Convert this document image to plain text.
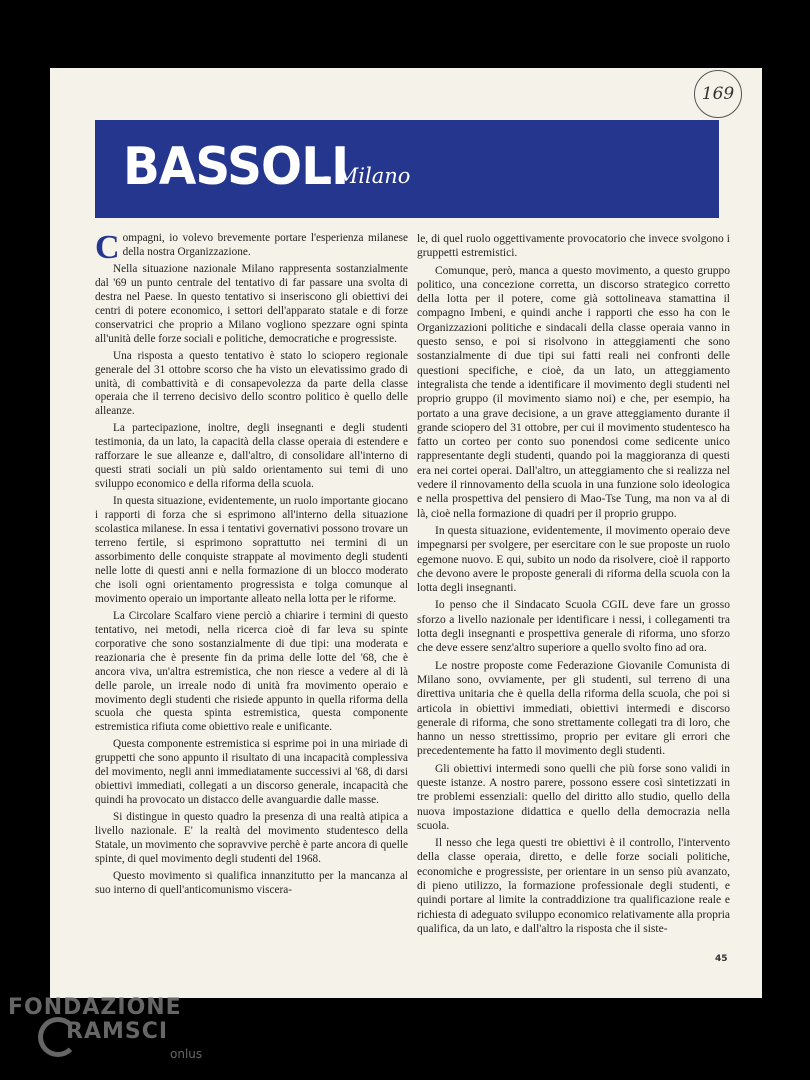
169
BASSOLI
- Milano

Compagni, io volevo brevemente portare l'esperienza milanese della nostra Organizzazione.

Nella situazione nazionale Milano rappresenta sostanzialmente dal '69 un punto centrale del tentativo di far passare una svolta di destra nel Paese. In questo tentativo si inseriscono gli obiettivi dei centri di potere economico, i settori dell'apparato statale e di forze conservatrici che proprio a Milano vogliono spezzare ogni spinta all'unità delle forze sociali e politiche, democratiche e progressiste.

Una risposta a questo tentativo è stato lo sciopero regionale generale del 31 ottobre scorso che ha visto un elevatissimo grado di unità, di combattività e di consapevolezza da parte della classe operaia che il terreno decisivo dello scontro politico è quello delle alleanze.

La partecipazione, inoltre, degli insegnanti e degli studenti testimonia, da un lato, la capacità della classe operaia di estendere e rafforzare le sue alleanze e, dall'altro, di consolidare all'interno di questi strati sociali un più saldo orientamento sui temi di uno sviluppo economico e della riforma della scuola.

In questa situazione, evidentemente, un ruolo importante giocano i rapporti di forza che si esprimono all'interno della situazione scolastica milanese. In essa i tentativi governativi possono trovare un terreno fertile, si esprimono soprattutto nei termini di un assorbimento delle conquiste strappate al movimento degli studenti nelle lotte di questi anni e nella formazione di un blocco moderato che isoli ogni orientamento progressista e tolga comunque al movimento operaio un importante alleato nella lotta per le riforme.

La Circolare Scalfaro viene perciò a chiarire i termini di questo tentativo, nei metodi, nella ricerca cioè di far leva su spinte corporative che sono sostanzialmente di due tipi: una moderata e reazionaria che è presente fin da prima delle lotte del '68, che è ancora viva, un'altra estremistica, che non riesce a vedere al di là delle parole, un irreale nodo di unità fra movimento operaio e movimento degli studenti che risiede appunto in quella riforma della scuola che questa spinta estremistica, questa componente estremistica rifiuta come obiettivo reale e unificante.

Questa componente estremistica si esprime poi in una miriade di gruppetti che sono appunto il risultato di una incapacità complessiva del movimento, negli anni immediatamente successivi al '68, di darsi obiettivi immediati, collegati a un discorso generale, incapacità che quindi ha provocato un distacco delle avanguardie dalle masse.

Si distingue in questo quadro la presenza di una realtà atipica a livello nazionale. E' la realtà del movimento studentesco della Statale, un movimento che sopravvive perchè è parte ancora di quelle spinte, di quel movimento degli studenti del 1968.

Questo movimento si qualifica innanzitutto per la mancanza al suo interno di quell'anticomunismo viscera-

le, di quel ruolo oggettivamente provocatorio che invece svolgono i gruppetti estremistici.

Comunque, però, manca a questo movimento, a questo gruppo politico, una concezione corretta, un discorso strategico corretto della lotta per il potere, come già sottolineava stamattina il compagno Imbeni, e quindi anche i rapporti che esso ha con le Organizzazioni politiche e sindacali della classe operaia vanno in questo senso, e poi si risolvono in atteggiamenti che sono sostanzialmente di due tipi sui fatti reali nei confronti delle questioni specifiche, e cioè, da un lato, un atteggiamento integralista che tende a identificare il movimento degli studenti nel proprio gruppo (il movimento siamo noi) e che, per esempio, ha portato a una grave decisione, a un grave atteggiamento durante il grande sciopero del 31 ottobre, per cui il movimento studentesco ha fatto un corteo per conto suo ponendosi come sedicente unico rappresentante degli studenti, quando poi la maggioranza di questi era nei cortei operai. Dall'altro, un atteggiamento che si realizza nel vedere il rinnovamento della scuola in una funzione solo ideologica e nella prospettiva del pensiero di Mao-Tse Tung, ma non va al di là, cioè nella formazione di quadri per il proprio gruppo.

In questa situazione, evidentemente, il movimento operaio deve impegnarsi per svolgere, per esercitare con le sue proposte un ruolo egemone nuovo. E qui, subito un nodo da risolvere, cioè il rapporto che devono avere le proposte generali di riforma della scuola con la lotta degli insegnanti.

Io penso che il Sindacato Scuola CGIL deve fare un grosso sforzo a livello nazionale per identificare i nessi, i collegamenti tra lotta degli insegnanti e prospettiva generale di riforma, uno sforzo che deve essere senz'altro superiore a quello svolto fino ad ora.

Le nostre proposte come Federazione Giovanile Comunista di Milano sono, ovviamente, per gli studenti, sul terreno di una direttiva unitaria che è quella della riforma della scuola, che poi si articola in obiettivi immediati, obiettivi intermedi e discorso generale di riforma, che sono strettamente collegati tra di loro, che hanno un nesso strettissimo, proprio per evitare gli errori che precedentemente ha fatto il movimento degli studenti.

Gli obiettivi intermedi sono quelli che più forse sono validi in queste istanze. A nostro parere, possono essere così sintetizzati in tre problemi essenziali: quello del diritto allo studio, quello della nuova impostazione didattica e quello della democrazia nella scuola.

Il nesso che lega questi tre obiettivi è il controllo, l'intervento della classe operaia, diretto, e delle forze sociali politiche, economiche e progressiste, per orientare in un senso più avanzato, di pieno utilizzo, la formazione professionale degli studenti, e quindi portare al limite la contraddizione tra qualificazione reale e richiesta di adeguato sviluppo economico relativamente alla propria qualifica, da un lato, e dall'altro la risposta che il siste-

45
FONDAZIONE
RAMSCI
onlus
